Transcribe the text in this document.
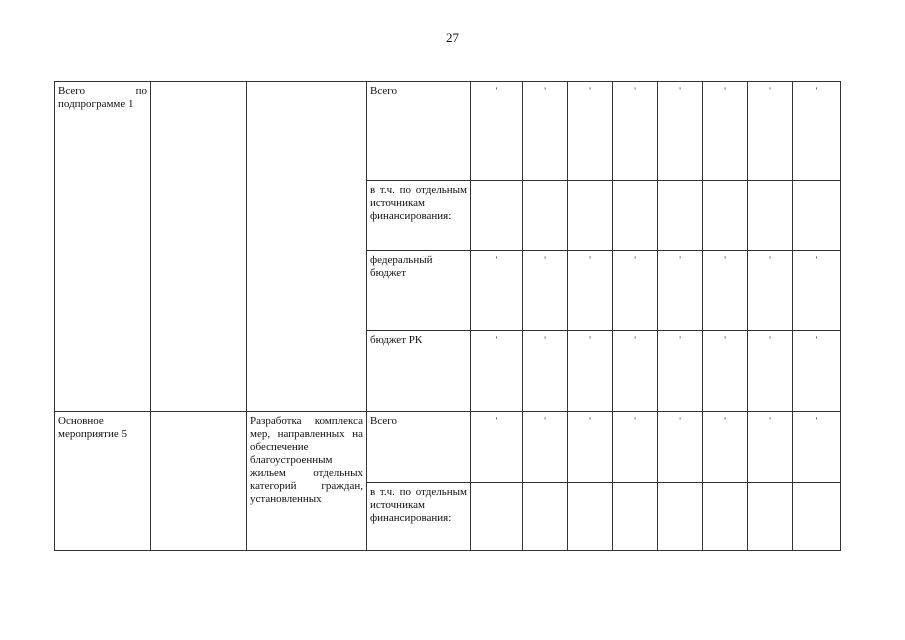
27
Всего по подпрограмме 1			Всего	'	'	'	'	'	'	'	'
			в т.ч. по отдельным источникам финансирования:								
			федеральный бюджет	'	'	'	'	'	'	'	'
			бюджет РК	'	'	'	'	'	'	'	'
Основное мероприятие 5		Разработка комплекса мер, направленных на обеспечение благоустроенным жильем отдельных категорий граждан, установленных	Всего	'	'	'	'	'	'	'	'
			в т.ч. по отдельным источникам финансирования:								
